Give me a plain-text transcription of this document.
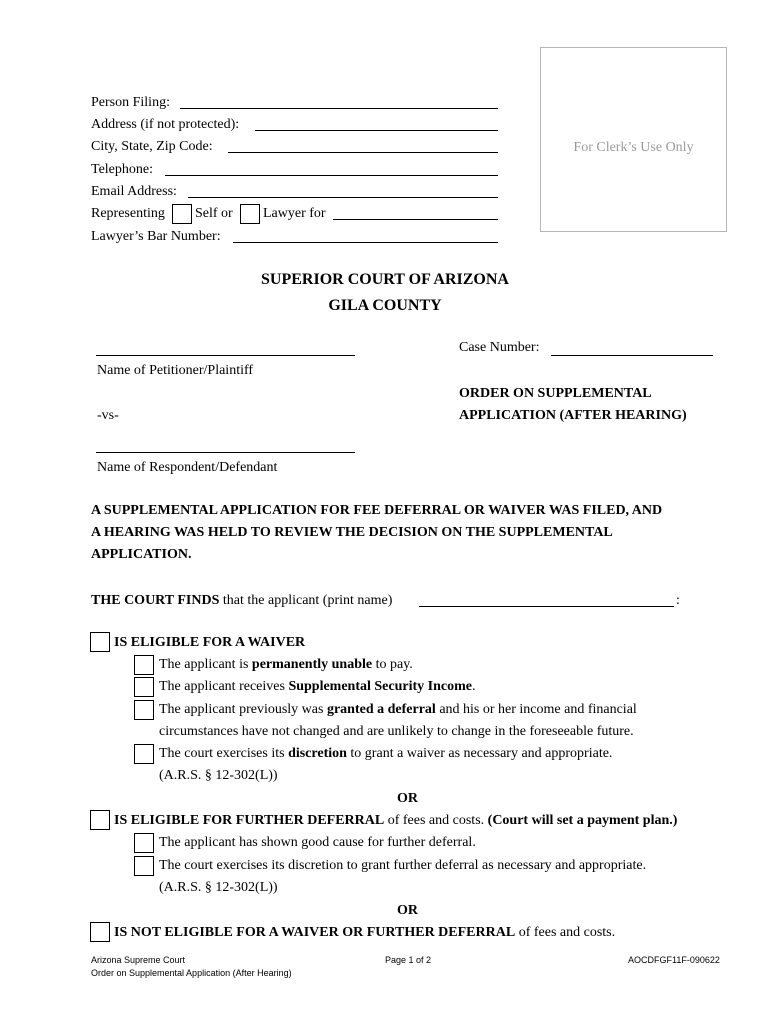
Person Filing:
Address (if not protected):
City, State, Zip Code:
Telephone:
Email Address:
Representing Self or Lawyer for
Lawyer’s Bar Number:
For Clerk’s Use Only
SUPERIOR COURT OF ARIZONA
GILA COUNTY
Name of Petitioner/Plaintiff
-vs-
Name of Respondent/Defendant
Case Number:
ORDER ON SUPPLEMENTAL
APPLICATION (AFTER HEARING)
A SUPPLEMENTAL APPLICATION FOR FEE DEFERRAL OR WAIVER WAS FILED, AND
A HEARING WAS HELD TO REVIEW THE DECISION ON THE SUPPLEMENTAL
APPLICATION.
THE COURT FINDS that the applicant (print name)	:
IS ELIGIBLE FOR A WAIVER
The applicant is permanently unable to pay.
The applicant receives Supplemental Security Income.
The applicant previously was granted a deferral and his or her income and financial
circumstances have not changed and are unlikely to change in the foreseeable future.
The court exercises its discretion to grant a waiver as necessary and appropriate.
(A.R.S. § 12-302(L))
OR
IS ELIGIBLE FOR FURTHER DEFERRAL of fees and costs. (Court will set a payment plan.)
The applicant has shown good cause for further deferral.
The court exercises its discretion to grant further deferral as necessary and appropriate.
(A.R.S. § 12-302(L))
OR
IS NOT ELIGIBLE FOR A WAIVER OR FURTHER DEFERRAL of fees and costs.
Arizona Supreme Court
Order on Supplemental Application (After Hearing)
Page 1 of 2	AOCDFGF11F-090622
